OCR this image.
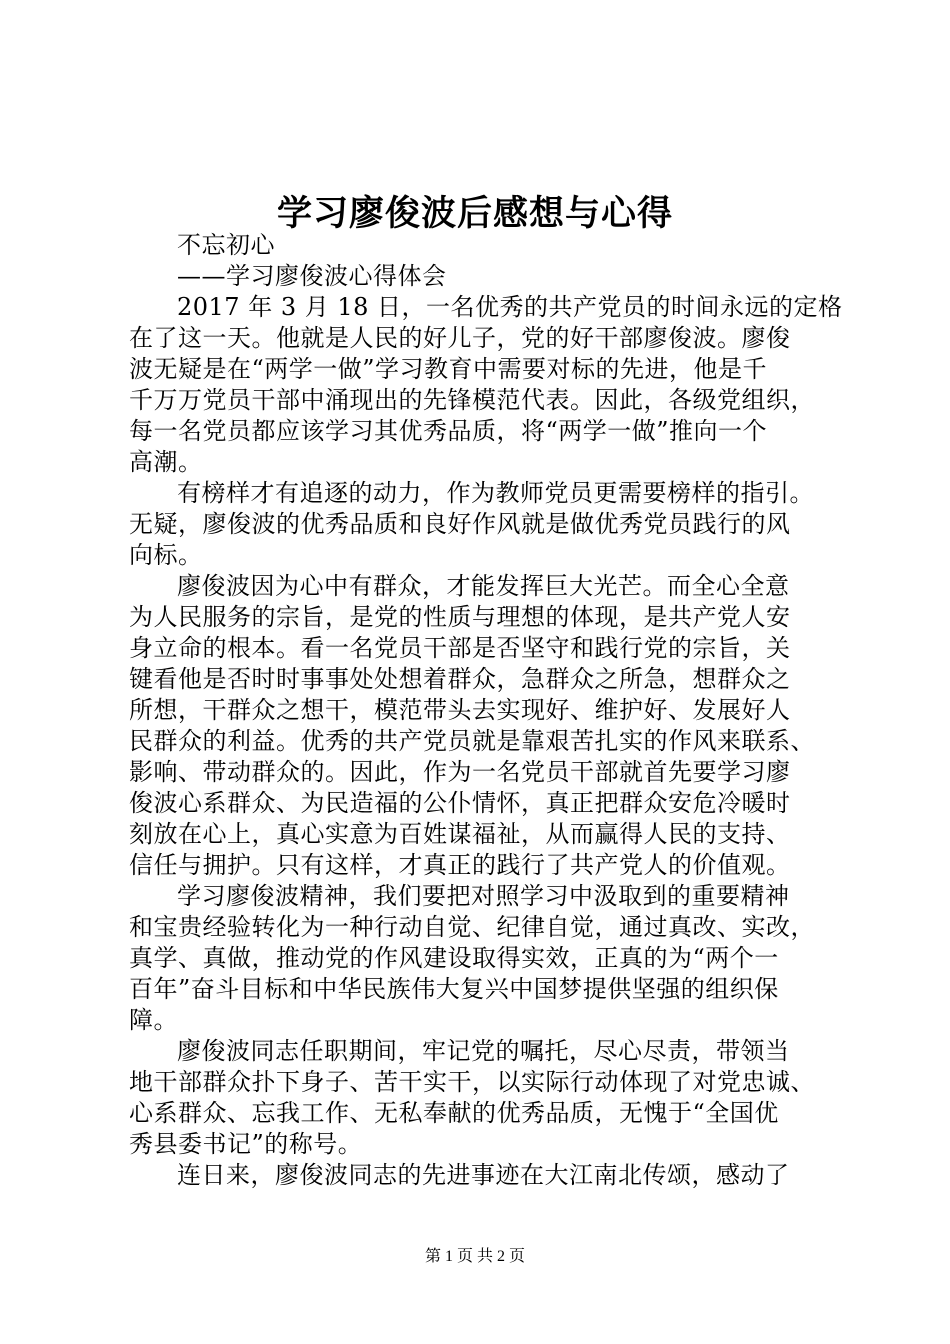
学习廖俊波后感想与心得
不忘初心
——学习廖俊波心得体会
2017 年 3 月 18 日，一名优秀的共产党员的时间永远的定格
在了这一天。他就是人民的好儿子，党的好干部廖俊波。廖俊
波无疑是在“两学一做”学习教育中需要对标的先进，他是千
千万万党员干部中涌现出的先锋模范代表。因此，各级党组织，
每一名党员都应该学习其优秀品质，将“两学一做”推向一个
高潮。
有榜样才有追逐的动力，作为教师党员更需要榜样的指引。
无疑，廖俊波的优秀品质和良好作风就是做优秀党员践行的风
向标。
廖俊波因为心中有群众，才能发挥巨大光芒。而全心全意
为人民服务的宗旨，是党的性质与理想的体现，是共产党人安
身立命的根本。看一名党员干部是否坚守和践行党的宗旨，关
键看他是否时时事事处处想着群众，急群众之所急，想群众之
所想，干群众之想干，模范带头去实现好、维护好、发展好人
民群众的利益。优秀的共产党员就是靠艰苦扎实的作风来联系、
影响、带动群众的。因此，作为一名党员干部就首先要学习廖
俊波心系群众、为民造福的公仆情怀，真正把群众安危冷暖时
刻放在心上，真心实意为百姓谋福祉，从而赢得人民的支持、
信任与拥护。只有这样，才真正的践行了共产党人的价值观。
学习廖俊波精神，我们要把对照学习中汲取到的重要精神
和宝贵经验转化为一种行动自觉、纪律自觉，通过真改、实改，
真学、真做，推动党的作风建设取得实效，正真的为“两个一
百年”奋斗目标和中华民族伟大复兴中国梦提供坚强的组织保
障。
廖俊波同志任职期间，牢记党的嘱托，尽心尽责，带领当
地干部群众扑下身子、苦干实干，以实际行动体现了对党忠诚、
心系群众、忘我工作、无私奉献的优秀品质，无愧于“全国优
秀县委书记”的称号。
连日来，廖俊波同志的先进事迹在大江南北传颂，感动了
第 1 页 共 2 页
